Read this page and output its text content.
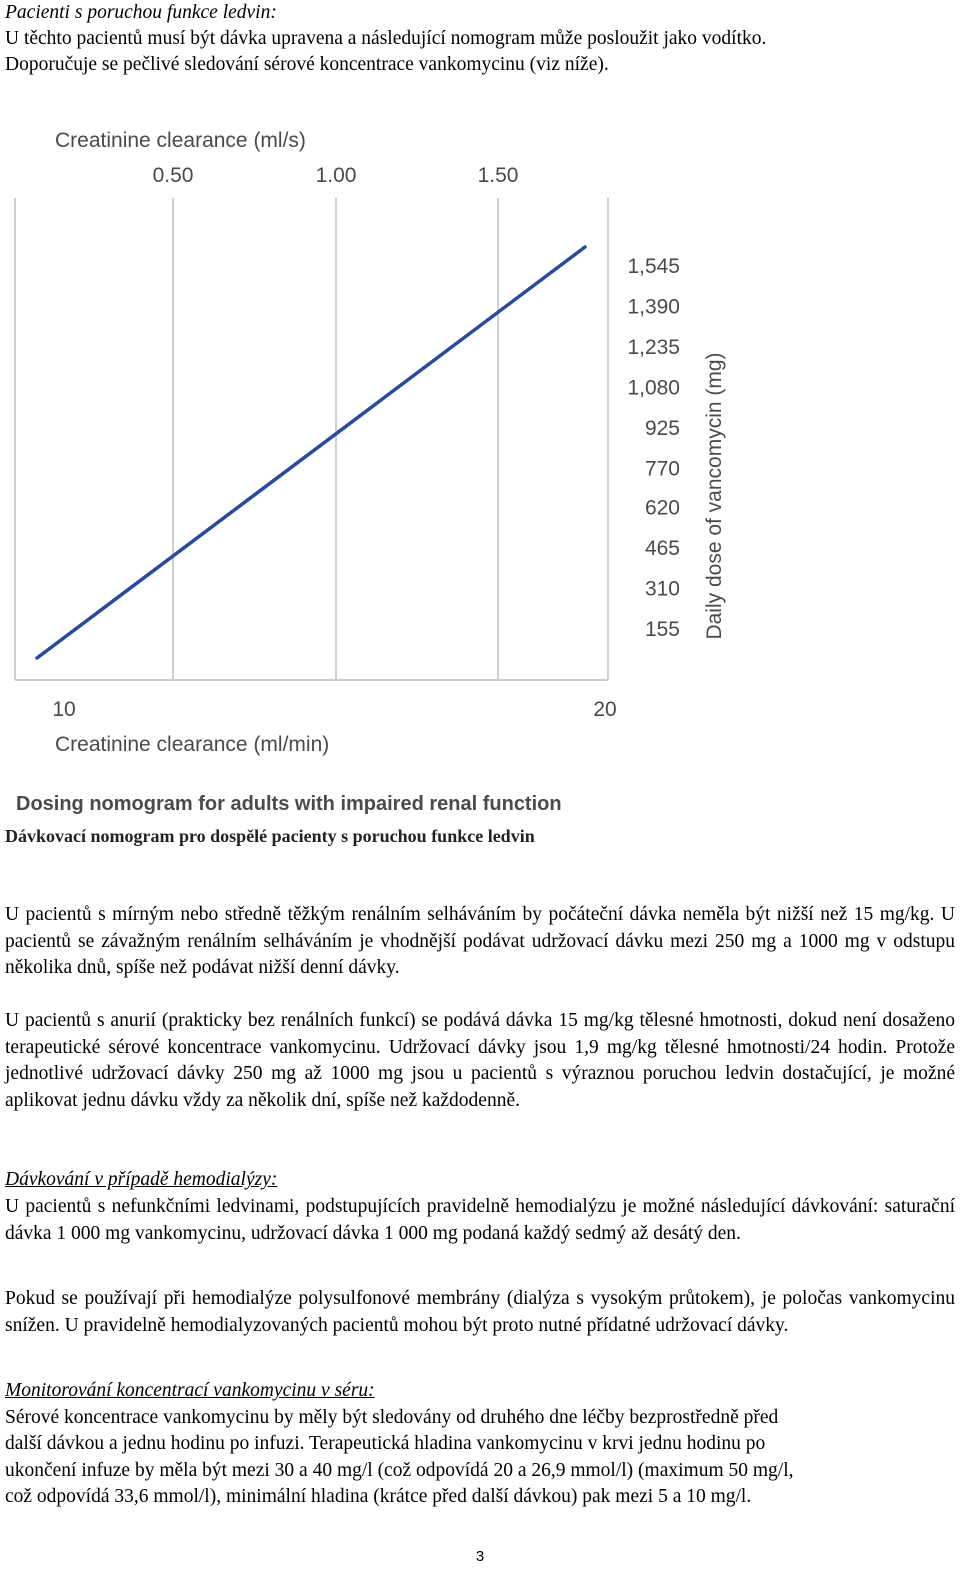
Pacienti s poruchou funkce ledvin:
U těchto pacientů musí být dávka upravena a následující nomogram může posloužit jako vodítko.
Doporučuje se pečlivé sledování sérové koncentrace vankomycinu (viz níže).
Creatinine clearance (ml/s)
0.50	1.00	1.50
10	20
Creatinine clearance (ml/min)
1,545
1,390
1,235
1,080
925
770
620
465
310
155 Daily dose of vancomycin (mg)
Dosing nomogram for adults with impaired renal function
Dávkovací nomogram pro dospělé pacienty s poruchou funkce ledvin
U pacientů s mírným nebo středně těžkým renálním selháváním by počáteční dávka neměla být nižší než 15 mg/kg. U pacientů se závažným renálním selháváním je vhodnější podávat udržovací dávku mezi 250 mg a 1000 mg v odstupu několika dnů, spíše než podávat nižší denní dávky.
U pacientů s anurií (prakticky bez renálních funkcí) se podává dávka 15 mg/kg tělesné hmotnosti, dokud není dosaženo terapeutické sérové koncentrace vankomycinu. Udržovací dávky jsou 1,9 mg/kg tělesné hmotnosti/24 hodin. Protože jednotlivé udržovací dávky 250 mg až 1000 mg jsou u pacientů s výraznou poruchou ledvin dostačující, je možné aplikovat jednu dávku vždy za několik dní, spíše než každodenně.
Dávkování v případě hemodialýzy:
U pacientů s nefunkčními ledvinami, podstupujících pravidelně hemodialýzu je možné následující dávkování: saturační dávka 1 000 mg vankomycinu, udržovací dávka 1 000 mg podaná každý sedmý až desátý den.
Pokud se používají při hemodialýze polysulfonové membrány (dialýza s vysokým průtokem), je poločas vankomycinu snížen. U pravidelně hemodialyzovaných pacientů mohou být proto nutné přídatné udržovací dávky.
Monitorování koncentrací vankomycinu v séru:
Sérové koncentrace vankomycinu by měly být sledovány od druhého dne léčby bezprostředně před
další dávkou a jednu hodinu po infuzi. Terapeutická hladina vankomycinu v krvi jednu hodinu po
ukončení infuze by měla být mezi 30 a 40 mg/l (což odpovídá 20 a 26,9 mmol/l) (maximum 50 mg/l,
což odpovídá 33,6 mmol/l), minimální hladina (krátce před další dávkou) pak mezi 5 a 10 mg/l.
3
